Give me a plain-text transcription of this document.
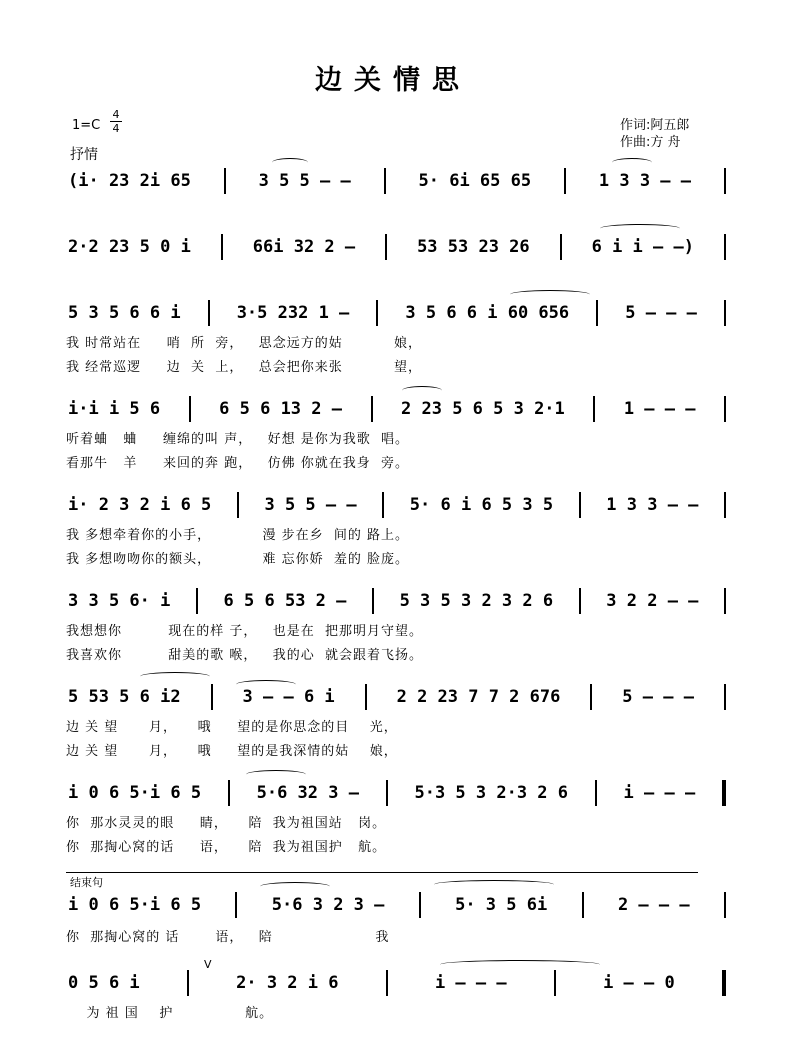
边关情思
1=C
4
4
抒情
作词:阿五郎
作曲:方 舟
(i· 23 2i 65	3 5 5 – –	5· 6i 65 65	1 3 3 – –
2·2 23 5 0 i	66i 32 2 –	53 53 23 26	6 i i – –)
5 3 5 6 6 i	3·5 232 1 –	3 5 6 6 i 60 656	5 – – –
我 时常站在     哨  所  旁，   思念远方的姑          娘，
我 经常巡逻     边  关  上，   总会把你来张          望，
i·i i 5 6	6 5 6 13 2 –	2 23 5 6 5 3 2·1	1 – – –
听着蛐   蛐     缠绵的叫 声，   好想 是你为我歌  唱。
看那牛   羊     来回的奔 跑，   仿佛 你就在我身  旁。
i· 2 3 2 i 6 5	3 5 5 – –	5· 6 i 6 5 3 5	1 3 3 – –
我 多想牵着你的小手，          漫 步在乡  间的 路上。
我 多想吻吻你的额头，          难 忘你娇  羞的 脸庞。
3 3 5 6· i	6 5 6 53 2 –	5 3 5 3 2 3 2 6	3 2 2 – –
我想想你         现在的样 子，   也是在  把那明月守望。
我喜欢你         甜美的歌 喉，   我的心  就会跟着飞扬。
5 53 5 6 i2	3 – – 6 i	2 2 23 7 7 2 676	5 – – –
边 关 望      月，    哦     望的是你思念的目    光，
边 关 望      月，    哦     望的是我深情的姑    娘，
i 0 6 5·i 6 5	5·6 32 3 –	5·3 5 3 2·3 2 6	i – – –
你  那水灵灵的眼     睛，    陪  我为祖国站   岗。
你  那掏心窝的话     语，    陪  我为祖国护   航。
结束句
i 0 6 5·i 6 5	5·6 3 2 3 –	5· 3 5 6i	2 – – –
你  那掏心窝的 话       语，   陪                    我
V
0 5 6 i	2· 3 2 i 6	i – – –	i – – 0
为 祖 国    护              航。
